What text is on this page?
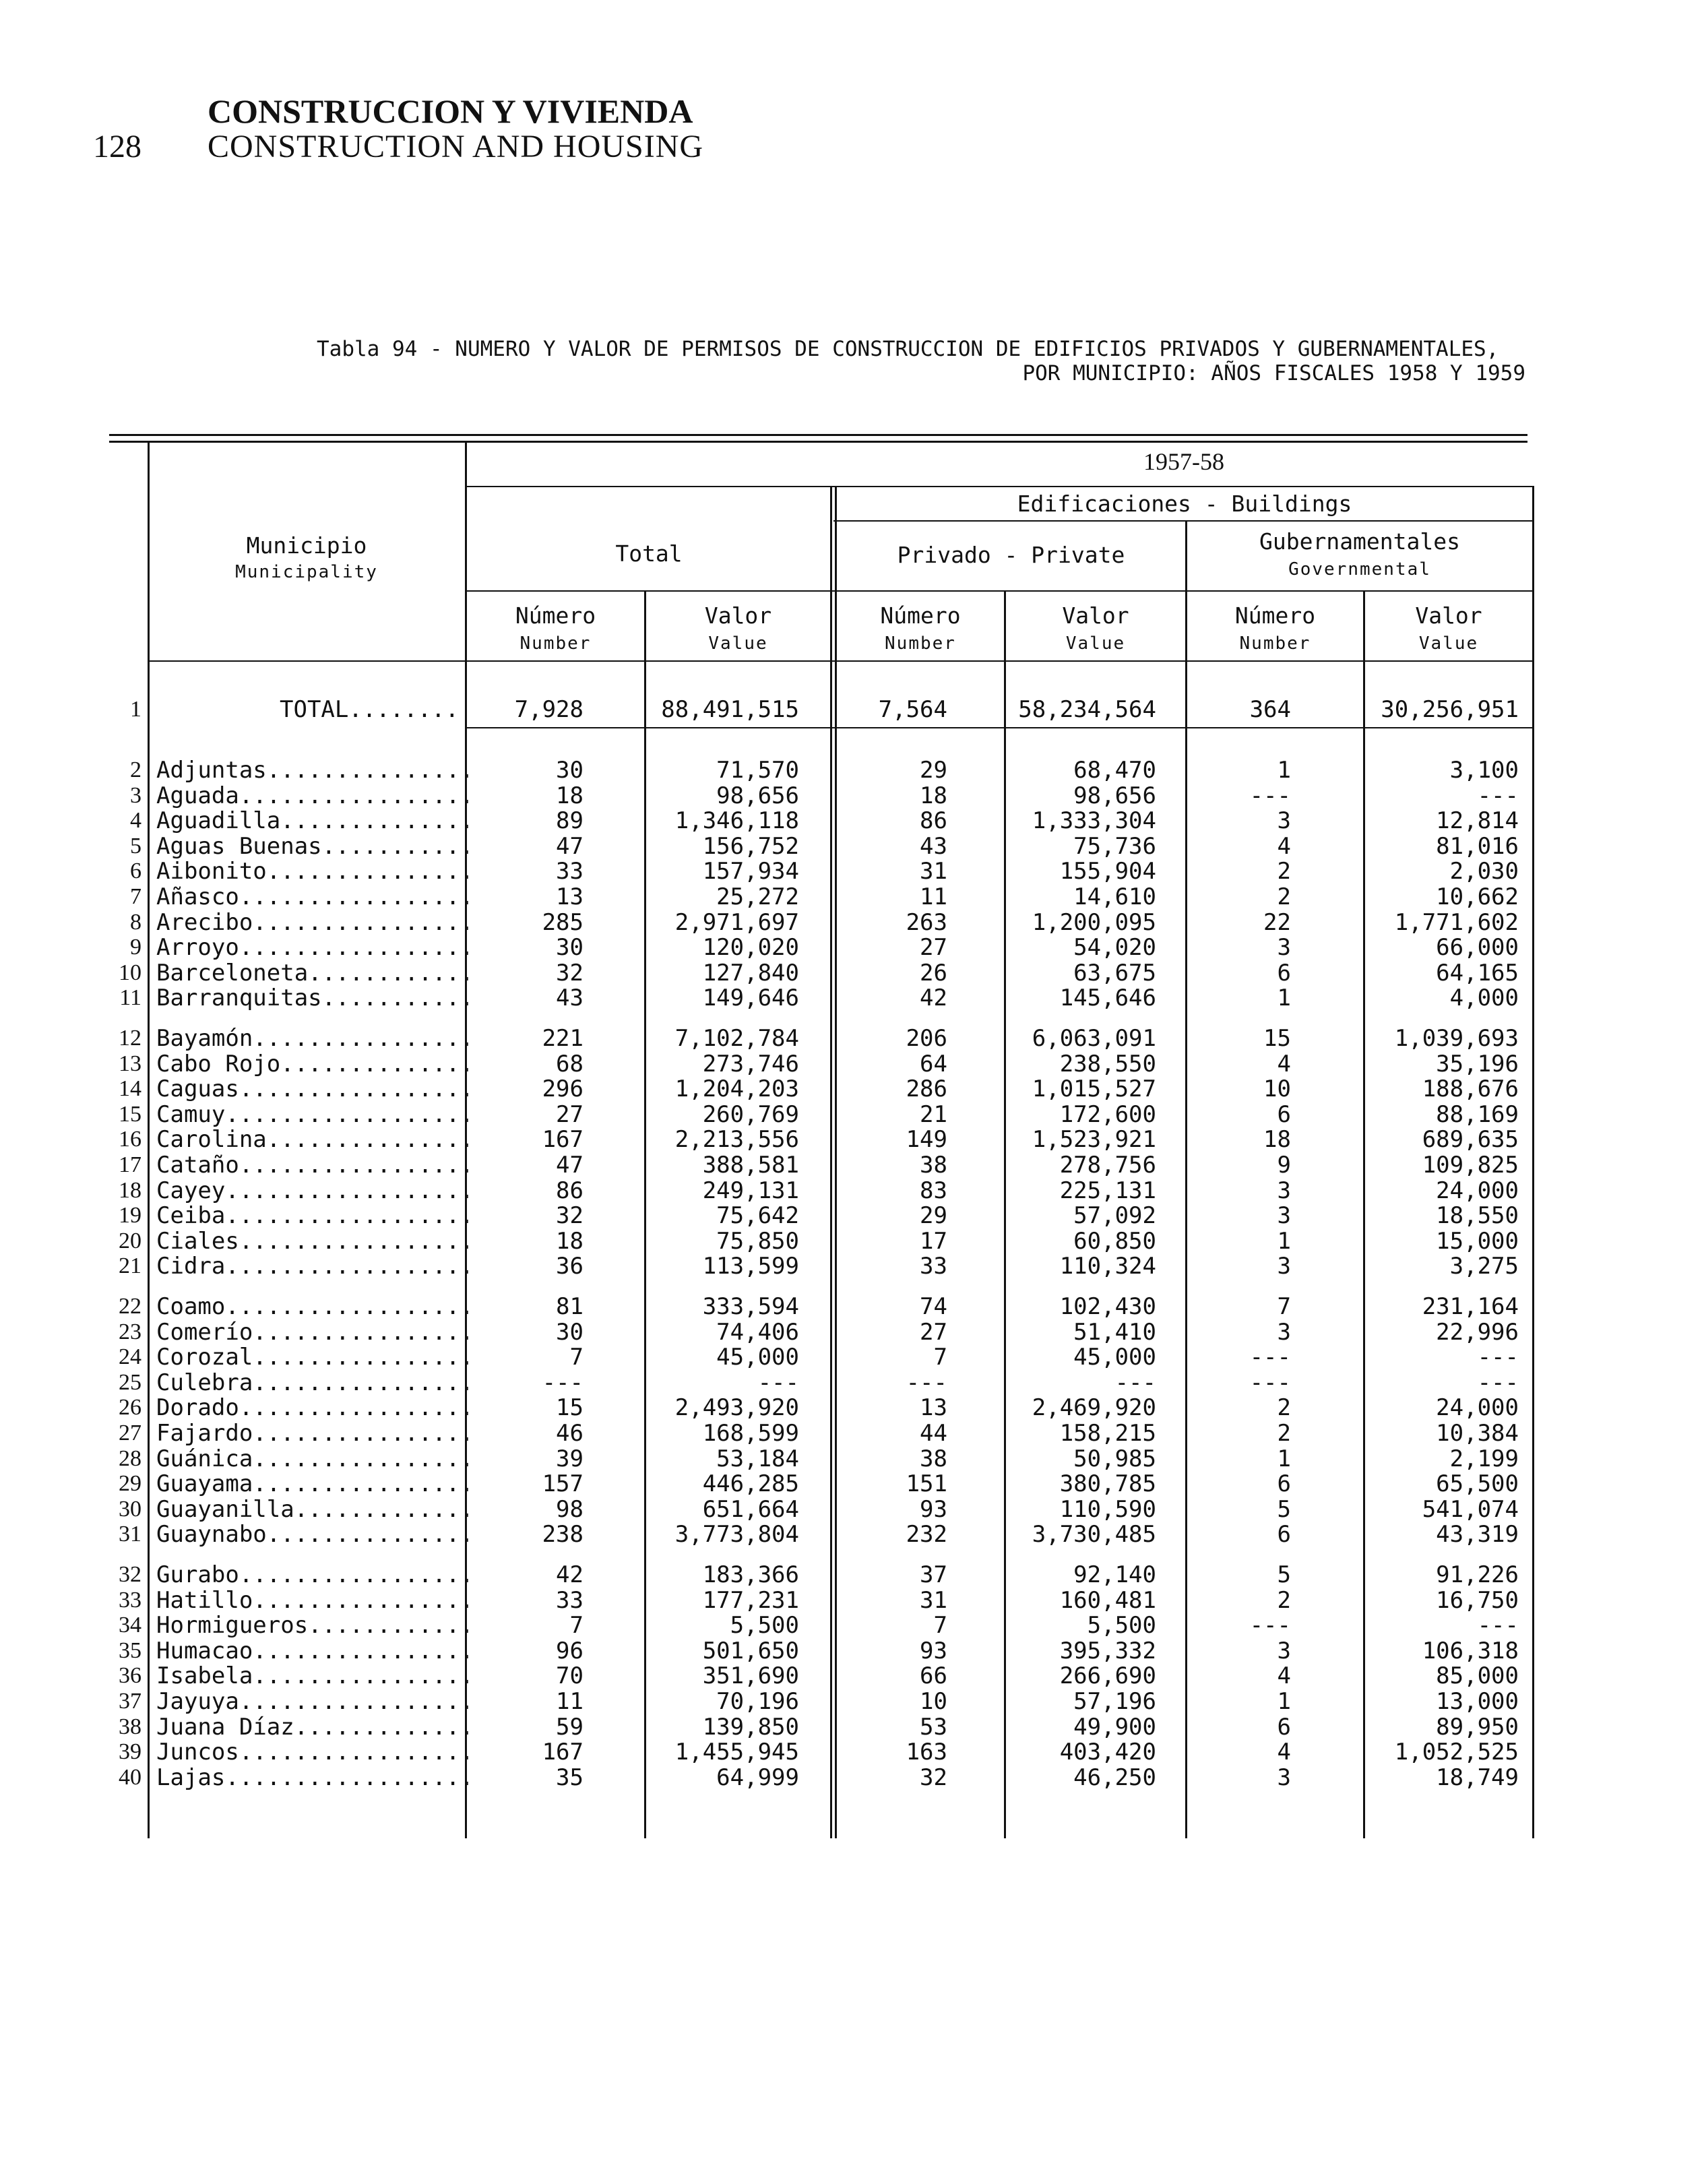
128
CONSTRUCCION Y VIVIENDA
CONSTRUCTION AND HOUSING
Tabla 94 - NUMERO Y VALOR DE PERMISOS DE CONSTRUCCION DE EDIFICIOS PRIVADOS Y GUBERNAMENTALES,
POR MUNICIPIO: AÑOS FISCALES 1958 Y 1959
Municipio
Municipality
1957-58
Total
Edificaciones - Buildings
Privado - Private
Gubernamentales
Governmental
Número
Number
Valor
Value
Número
Number
Valor
Value
Número
Number
Valor
Value
1	TOTAL........ 7,928	88,491,515	7,564	58,234,564	364	30,256,951
2 Adjuntas...............	30	71,570	29	68,470	1	3,100
3 Aguada.................	18	98,656	18	98,656	---	---
4 Aguadilla..............	89	1,346,118	86	1,333,304	3	12,814
5 Aguas Buenas...........	47	156,752	43	75,736	4	81,016
6 Aibonito...............	33	157,934	31	155,904	2	2,030
7 Añasco.................	13	25,272	11	14,610	2	10,662
8 Arecibo................	285	2,971,697	263	1,200,095	22	1,771,602
9 Arroyo.................	30	120,020	27	54,020	3	66,000
10 Barceloneta............	32	127,840	26	63,675	6	64,165
11 Barranquitas...........	43	149,646	42	145,646	1	4,000
12 Bayamón................	221	7,102,784	206	6,063,091	15	1,039,693
13 Cabo Rojo..............	68	273,746	64	238,550	4	35,196
14 Caguas.................	296	1,204,203	286	1,015,527	10	188,676
15 Camuy..................	27	260,769	21	172,600	6	88,169
16 Carolina...............	167	2,213,556	149	1,523,921	18	689,635
17 Cataño.................	47	388,581	38	278,756	9	109,825
18 Cayey..................	86	249,131	83	225,131	3	24,000
19 Ceiba..................	32	75,642	29	57,092	3	18,550
20 Ciales.................	18	75,850	17	60,850	1	15,000
21 Cidra..................	36	113,599	33	110,324	3	3,275
22 Coamo..................	81	333,594	74	102,430	7	231,164
23 Comerío................	30	74,406	27	51,410	3	22,996
24 Corozal................	7	45,000	7	45,000	---	---
25 Culebra................	---	---	---	---	---	---
26 Dorado.................	15	2,493,920	13	2,469,920	2	24,000
27 Fajardo................	46	168,599	44	158,215	2	10,384
28 Guánica................	39	53,184	38	50,985	1	2,199
29 Guayama................	157	446,285	151	380,785	6	65,500
30 Guayanilla.............	98	651,664	93	110,590	5	541,074
31 Guaynabo...............	238	3,773,804	232	3,730,485	6	43,319
32 Gurabo.................	42	183,366	37	92,140	5	91,226
33 Hatillo................	33	177,231	31	160,481	2	16,750
34 Hormigueros............	7	5,500	7	5,500	---	---
35 Humacao................	96	501,650	93	395,332	3	106,318
36 Isabela................	70	351,690	66	266,690	4	85,000
37 Jayuya.................	11	70,196	10	57,196	1	13,000
38 Juana Díaz.............	59	139,850	53	49,900	6	89,950
39 Juncos.................	167	1,455,945	163	403,420	4	1,052,525
40 Lajas..................	35	64,999	32	46,250	3	18,749
